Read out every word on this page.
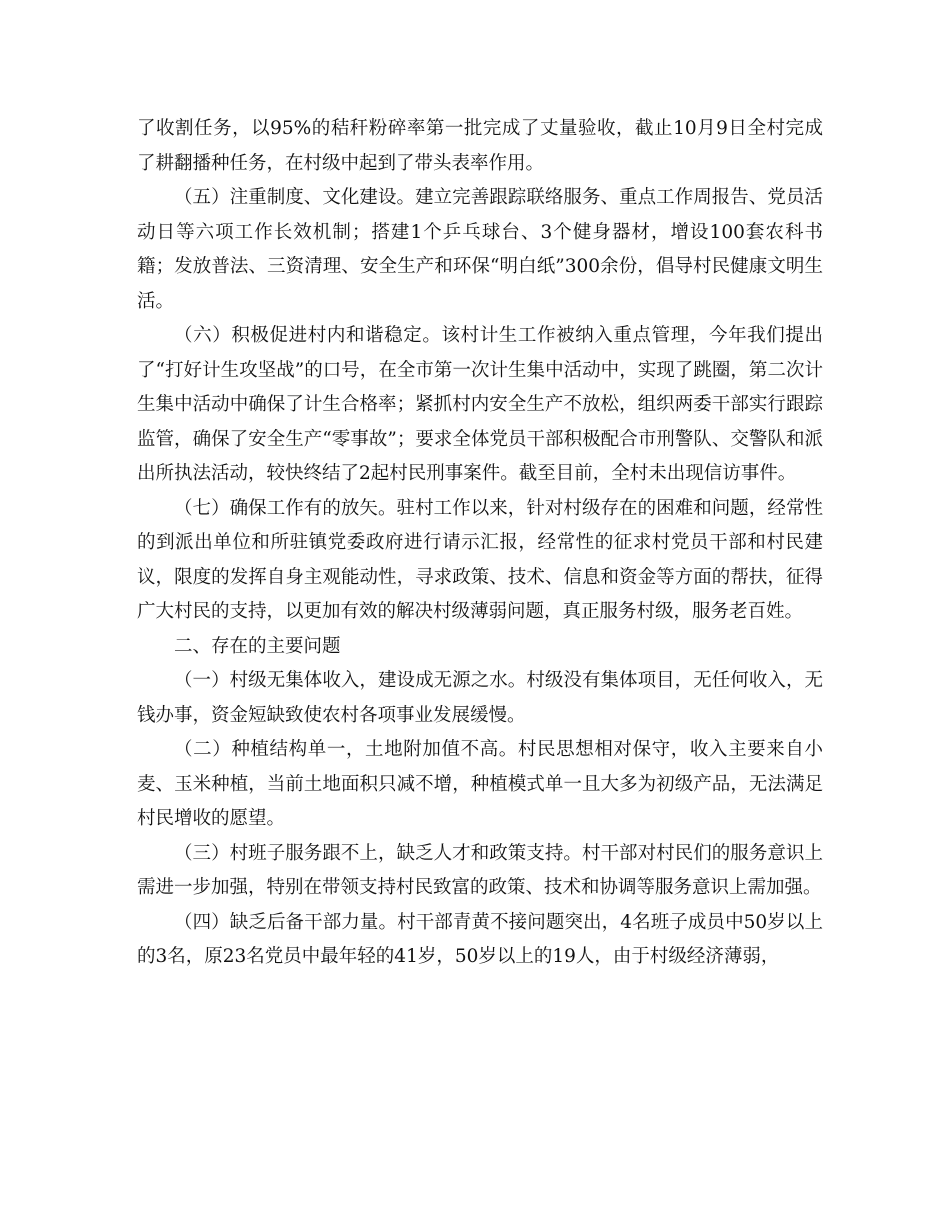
了收割任务，以95%的秸秆粉碎率第一批完成了丈量验收，截止10月9日全村完成了耕翻播种任务，在村级中起到了带头表率作用。

（五）注重制度、文化建设。建立完善跟踪联络服务、重点工作周报告、党员活动日等六项工作长效机制；搭建1个乒乓球台、3个健身器材，增设100套农科书籍；发放普法、三资清理、安全生产和环保“明白纸”300余份，倡导村民健康文明生活。

（六）积极促进村内和谐稳定。该村计生工作被纳入重点管理，今年我们提出了“打好计生攻坚战”的口号，在全市第一次计生集中活动中，实现了跳圈，第二次计生集中活动中确保了计生合格率；紧抓村内安全生产不放松，组织两委干部实行跟踪监管，确保了安全生产“零事故”；要求全体党员干部积极配合市刑警队、交警队和派出所执法活动，较快终结了2起村民刑事案件。截至目前，全村未出现信访事件。

（七）确保工作有的放矢。驻村工作以来，针对村级存在的困难和问题，经常性的到派出单位和所驻镇党委政府进行请示汇报，经常性的征求村党员干部和村民建议，限度的发挥自身主观能动性，寻求政策、技术、信息和资金等方面的帮扶，征得广大村民的支持，以更加有效的解决村级薄弱问题，真正服务村级，服务老百姓。

二、存在的主要问题

（一）村级无集体收入，建设成无源之水。村级没有集体项目，无任何收入，无钱办事，资金短缺致使农村各项事业发展缓慢。

（二）种植结构单一，土地附加值不高。村民思想相对保守，收入主要来自小麦、玉米种植，当前土地面积只减不增，种植模式单一且大多为初级产品，无法满足村民增收的愿望。

（三）村班子服务跟不上，缺乏人才和政策支持。村干部对村民们的服务意识上需进一步加强，特别在带领支持村民致富的政策、技术和协调等服务意识上需加强。

（四）缺乏后备干部力量。村干部青黄不接问题突出，4名班子成员中50岁以上的3名，原23名党员中最年轻的41岁，50岁以上的19人，由于村级经济薄弱，
